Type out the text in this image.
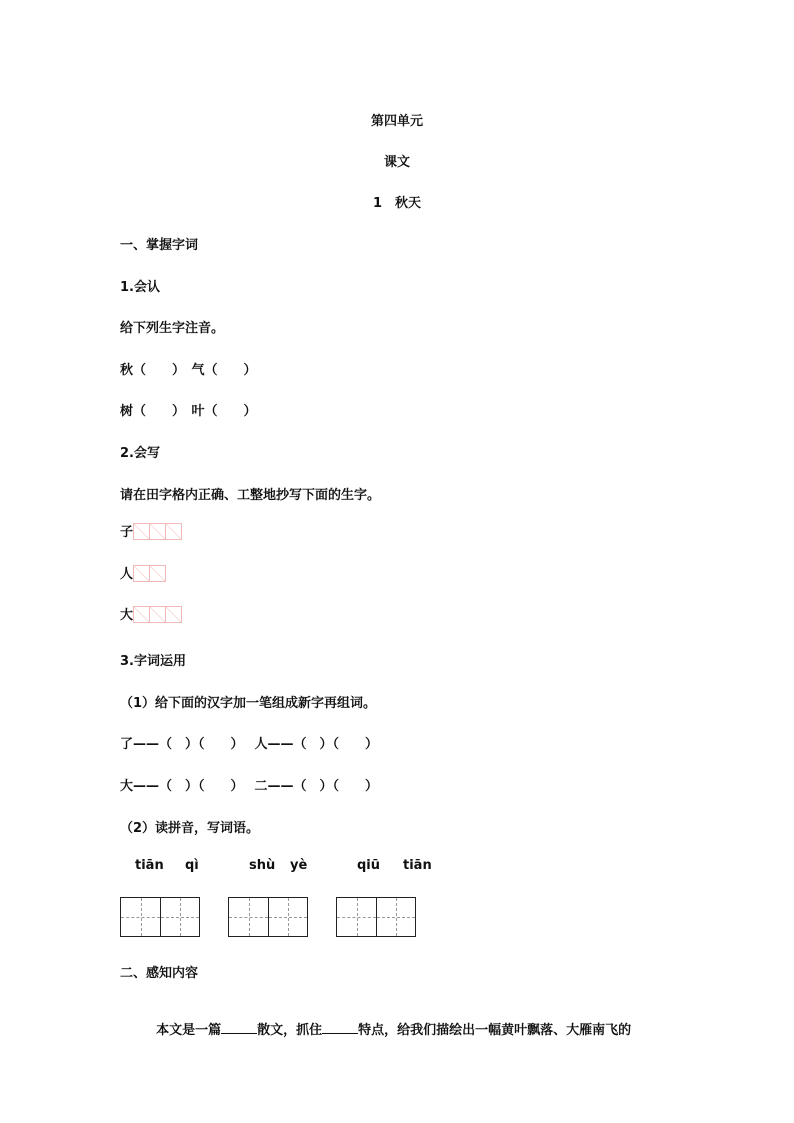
第四单元
课文
1　秋天
一、掌握字词
1.会认
给下列生字注音。
秋（　　）　气（　　）
树（　　）　叶（　　）
2.会写
请在田字格内正确、工整地抄写下面的生字。
子
人
大
3.字词运用
（1）给下面的汉字加一笔组成新字再组词。
了——（　）（　　）　 人——（　）（　　）
大——（　）（　　）　 二——（　）（　　）
（2）读拼音，写词语。
tiān qì	shù yè	qiū tiān
二、感知内容

本文是一篇	散文，抓住	特点，给我们描绘出一幅黄叶飘落、大雁南飞的
